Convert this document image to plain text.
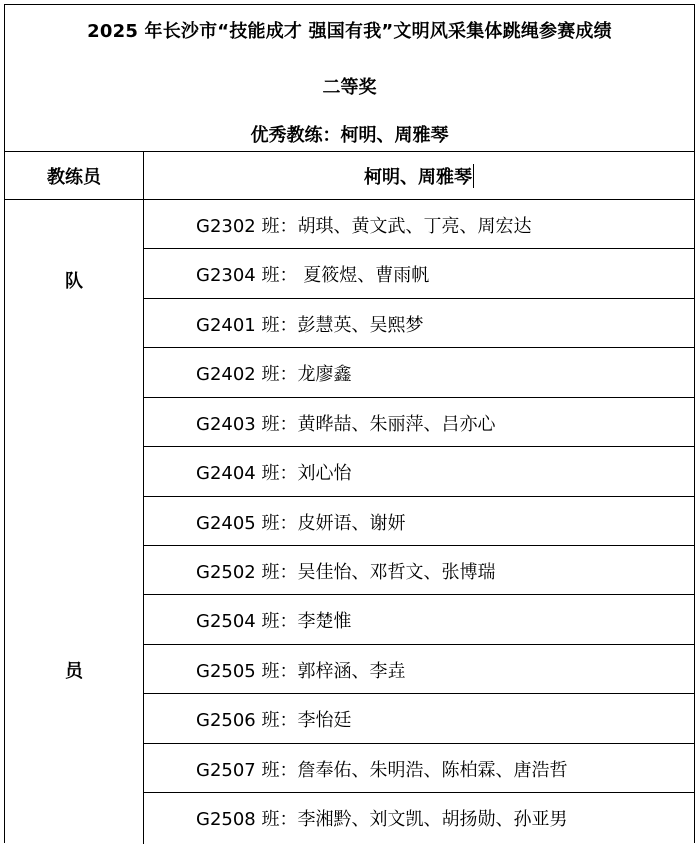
2025 年长沙市“技能成才 强国有我”文明风采集体跳绳参赛成绩
二等奖
优秀教练：柯明、周雅琴
教练员	柯明、周雅琴
队
员
G2302 班：胡琪、黄文武、丁亮、周宏达
G2304 班： 夏筱煜、曹雨帆
G2401 班：彭慧英、吴熙梦
G2402 班：龙廖鑫
G2403 班：黄晔喆、朱丽萍、吕亦心
G2404 班：刘心怡
G2405 班：皮妍语、谢妍
G2502 班：吴佳怡、邓哲文、张博瑞
G2504 班：李楚惟
G2505 班：郭梓涵、李垚
G2506 班：李怡廷
G2507 班：詹奉佑、朱明浩、陈柏霖、唐浩哲
G2508 班：李湘黔、刘文凯、胡扬勋、孙亚男
